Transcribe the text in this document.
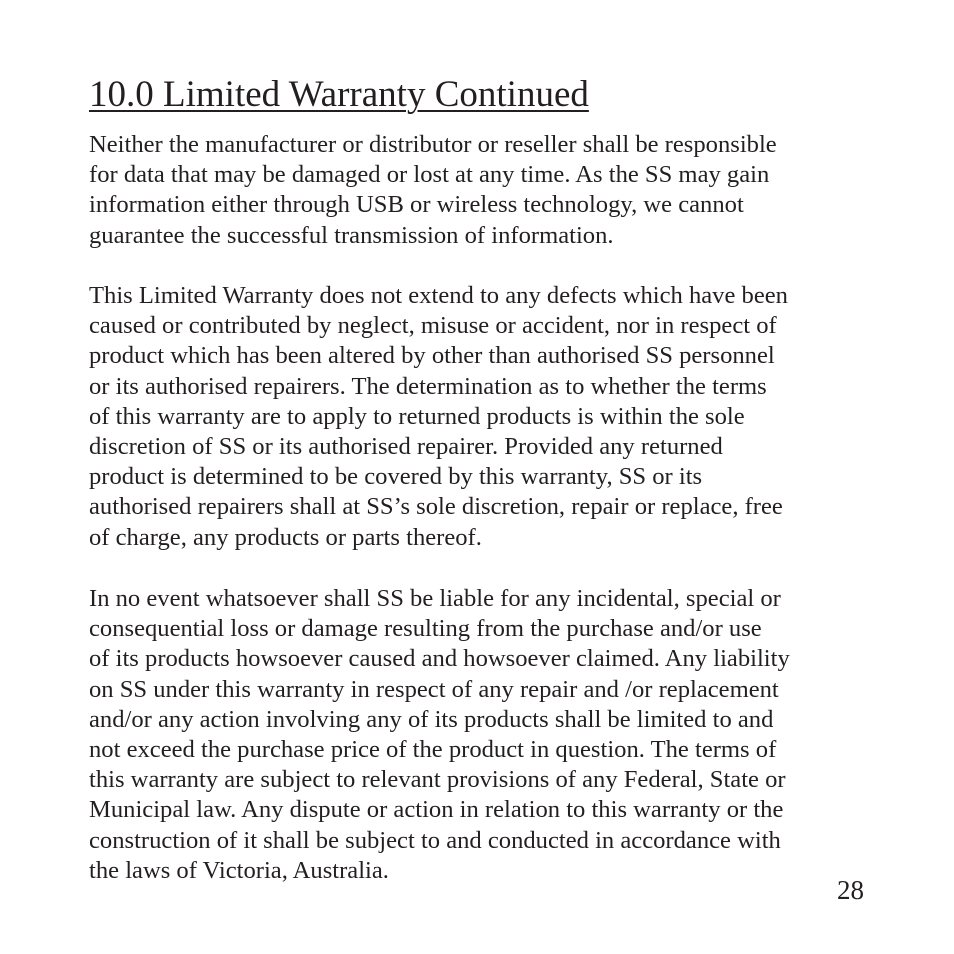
10.0 Limited Warranty Continued

Neither the manufacturer or distributor or reseller shall be responsible
for data that may be damaged or lost at any time. As the SS may gain
information either through USB or wireless technology, we cannot
guarantee the successful transmission of information.

This Limited Warranty does not extend to any defects which have been
caused or contributed by neglect, misuse or accident, nor in respect of
product which has been altered by other than authorised SS personnel
or its authorised repairers. The determination as to whether the terms
of this warranty are to apply to returned products is within the sole
discretion of SS or its authorised repairer. Provided any returned
product is determined to be covered by this warranty, SS or its
authorised repairers shall at SS’s sole discretion, repair or replace, free
of charge, any products or parts thereof.

In no event whatsoever shall SS be liable for any incidental, special or
consequential loss or damage resulting from the purchase and/or use
of its products howsoever caused and howsoever claimed. Any liability
on SS under this warranty in respect of any repair and /or replacement
and/or any action involving any of its products shall be limited to and
not exceed the purchase price of the product in question. The terms of
this warranty are subject to relevant provisions of any Federal, State or
Municipal law. Any dispute or action in relation to this warranty or the
construction of it shall be subject to and conducted in accordance with
the laws of Victoria, Australia.

28
